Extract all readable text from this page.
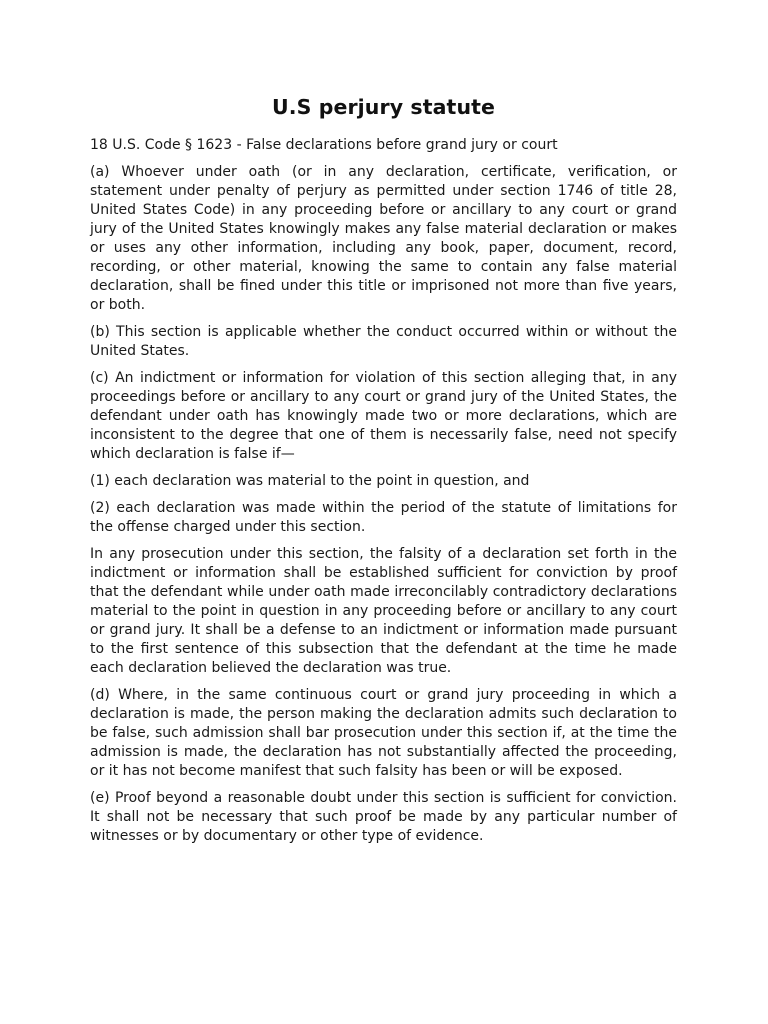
U.S perjury statute

18 U.S. Code § 1623 - False declarations before grand jury or court

(a) Whoever under oath (or in any declaration, certificate, verification, or statement under penalty of perjury as permitted under section 1746 of title 28, United States Code) in any proceeding before or ancillary to any court or grand jury of the United States knowingly makes any false material declaration or makes or uses any other information, including any book, paper, document, record, recording, or other material, knowing the same to contain any false material declaration, shall be fined under this title or imprisoned not more than five years, or both.

(b) This section is applicable whether the conduct occurred within or without the United States.

(c) An indictment or information for violation of this section alleging that, in any proceedings before or ancillary to any court or grand jury of the United States, the defendant under oath has knowingly made two or more declarations, which are inconsistent to the degree that one of them is necessarily false, need not specify which declaration is false if—

(1) each declaration was material to the point in question, and

(2) each declaration was made within the period of the statute of limitations for the offense charged under this section.

In any prosecution under this section, the falsity of a declaration set forth in the indictment or information shall be established sufficient for conviction by proof that the defendant while under oath made irreconcilably contradictory declarations material to the point in question in any proceeding before or ancillary to any court or grand jury. It shall be a defense to an indictment or information made pursuant to the first sentence of this subsection that the defendant at the time he made each declaration believed the declaration was true.

(d) Where, in the same continuous court or grand jury proceeding in which a declaration is made, the person making the declaration admits such declaration to be false, such admission shall bar prosecution under this section if, at the time the admission is made, the declaration has not substantially affected the proceeding, or it has not become manifest that such falsity has been or will be exposed.

(e) Proof beyond a reasonable doubt under this section is sufficient for conviction. It shall not be necessary that such proof be made by any particular number of witnesses or by documentary or other type of evidence.
